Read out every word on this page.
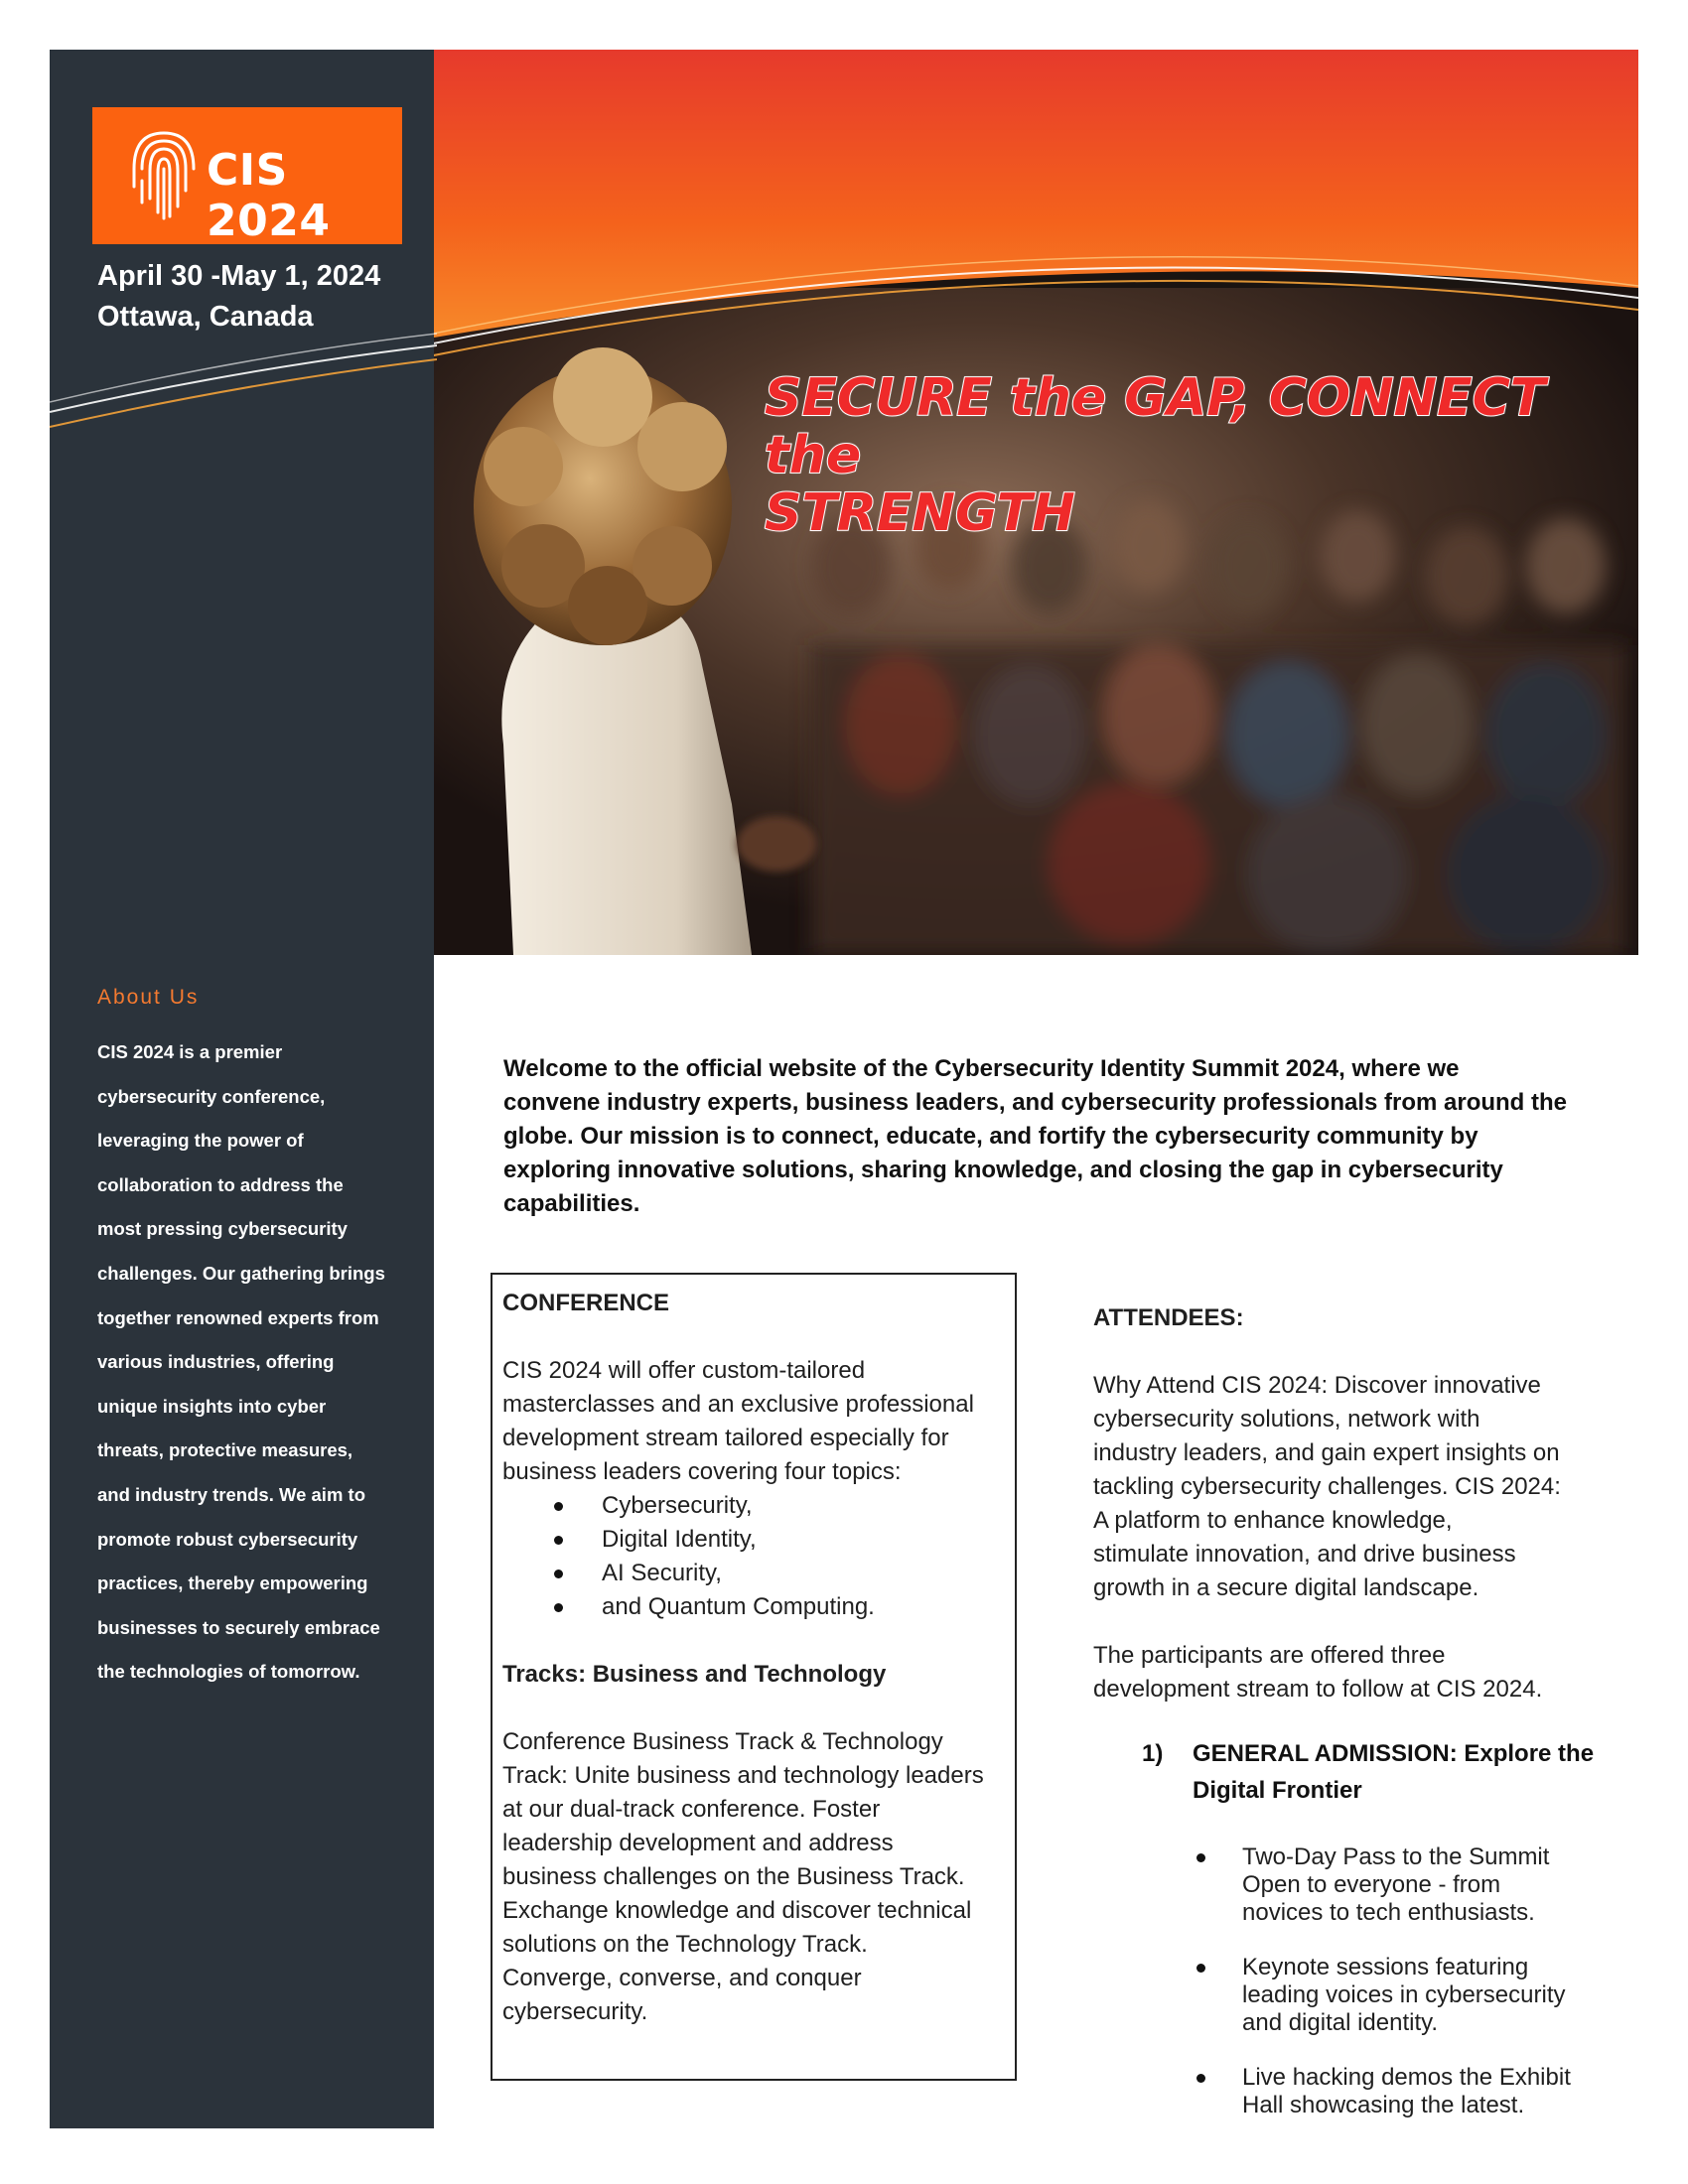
SECURE the GAP, CONNECT the
STRENGTH
CIS 2024
April 30 -May 1, 2024
Ottawa, Canada
About Us
CIS 2024 is a premier
cybersecurity conference,
leveraging the power of
collaboration to address the
most pressing cybersecurity
challenges. Our gathering brings
together renowned experts from
various industries, offering
unique insights into cyber
threats, protective measures,
and industry trends. We aim to
promote robust cybersecurity
practices, thereby empowering
businesses to securely embrace
the technologies of tomorrow.
Welcome to the official website of the Cybersecurity Identity Summit 2024, where we
convene industry experts, business leaders, and cybersecurity professionals from around the
globe. Our mission is to connect, educate, and fortify the cybersecurity community by
exploring innovative solutions, sharing knowledge, and closing the gap in cybersecurity
capabilities.
CONFERENCE
CIS 2024 will offer custom-tailored
masterclasses and an exclusive professional
development stream tailored especially for
business leaders covering four topics:
Cybersecurity,
Digital Identity,
AI Security,
and Quantum Computing.
Tracks: Business and Technology
Conference Business Track & Technology
Track: Unite business and technology leaders
at our dual-track conference. Foster
leadership development and address
business challenges on the Business Track.
Exchange knowledge and discover technical
solutions on the Technology Track.
Converge, converse, and conquer
cybersecurity.
ATTENDEES:
Why Attend CIS 2024: Discover innovative
cybersecurity solutions, network with
industry leaders, and gain expert insights on
tackling cybersecurity challenges. CIS 2024:
A platform to enhance knowledge,
stimulate innovation, and drive business
growth in a secure digital landscape.
The participants are offered three
development stream to follow at CIS 2024.
1) GENERAL ADMISSION: Explore the
Digital Frontier
Two-Day Pass to the Summit
Open to everyone - from
novices to tech enthusiasts.
Keynote sessions featuring
leading voices in cybersecurity
and digital identity.
Live hacking demos the Exhibit
Hall showcasing the latest.
